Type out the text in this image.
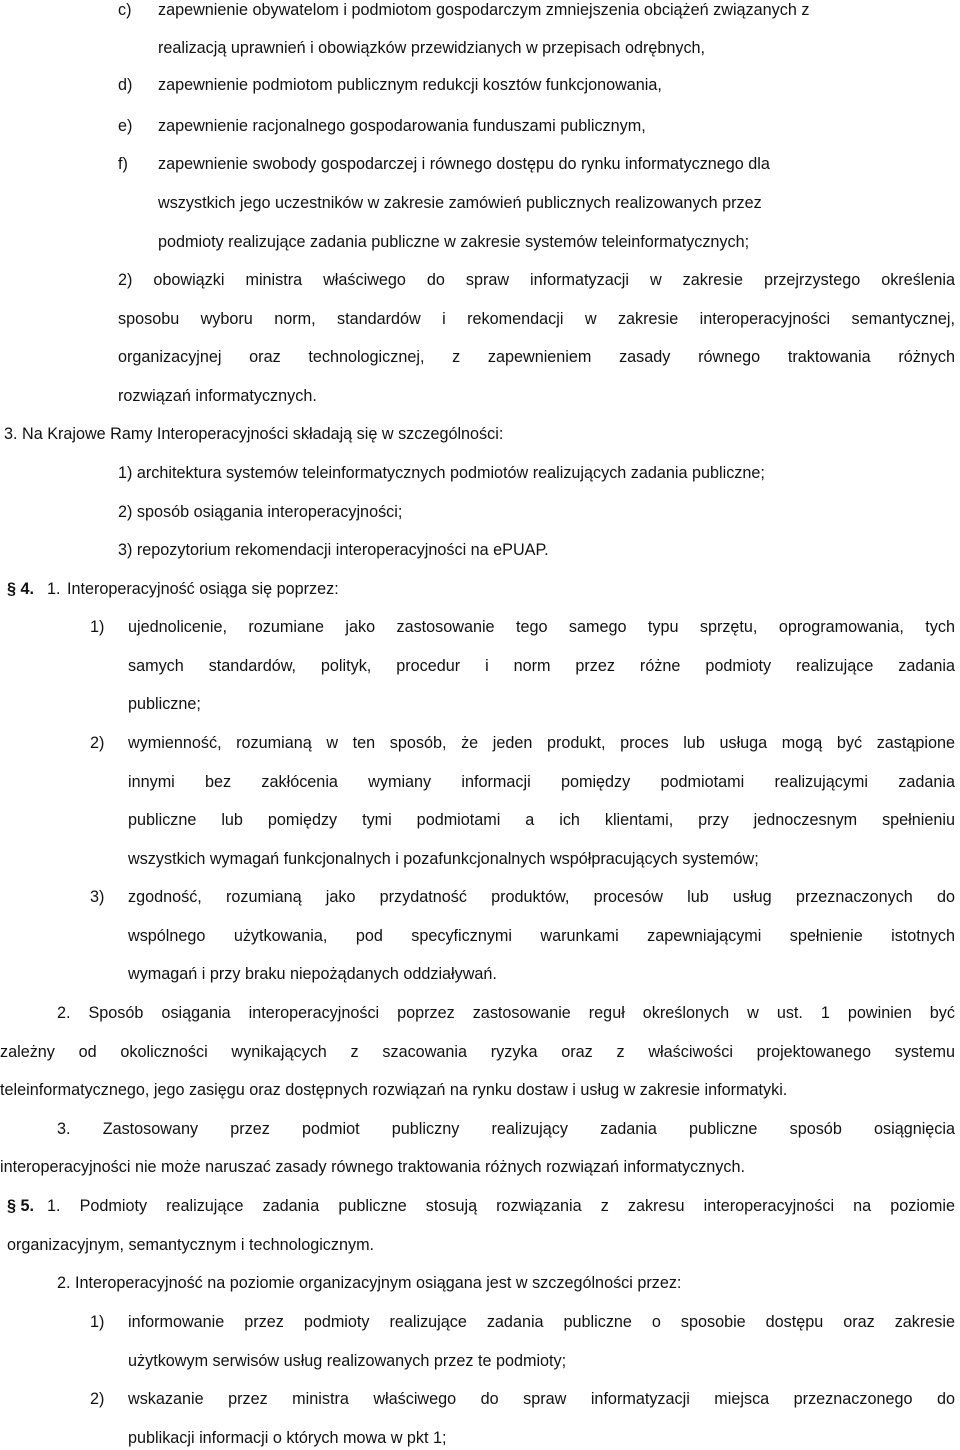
c) zapewnienie obywatelom i podmiotom gospodarczym zmniejszenia obciążeń związanych z
realizacją uprawnień i obowiązków przewidzianych w przepisach odrębnych,
d) zapewnienie podmiotom publicznym redukcji kosztów funkcjonowania,
e) zapewnienie racjonalnego gospodarowania funduszami publicznym,
f) zapewnienie swobody gospodarczej i równego dostępu do rynku informatycznego dla
wszystkich jego uczestników w zakresie zamówień publicznych realizowanych przez
podmioty realizujące zadania publiczne w zakresie systemów teleinformatycznych;
2) obowiązki ministra właściwego do spraw informatyzacji w zakresie przejrzystego określenia
sposobu wyboru norm, standardów i rekomendacji w zakresie interoperacyjności semantycznej,
organizacyjnej oraz technologicznej, z zapewnieniem zasady równego traktowania różnych
rozwiązań informatycznych.
3. Na Krajowe Ramy Interoperacyjności składają się w szczególności:
1) architektura systemów teleinformatycznych podmiotów realizujących zadania publiczne;
2) sposób osiągania interoperacyjności;
3) repozytorium rekomendacji interoperacyjności na ePUAP.
§ 4. 1. Interoperacyjność osiąga się poprzez:
1) ujednolicenie, rozumiane jako zastosowanie tego samego typu sprzętu, oprogramowania, tych
samych standardów, polityk, procedur i norm przez różne podmioty realizujące zadania
publiczne;
2) wymienność, rozumianą w ten sposób, że jeden produkt, proces lub usługa mogą być zastąpione
innymi bez zakłócenia wymiany informacji pomiędzy podmiotami realizującymi zadania
publiczne lub pomiędzy tymi podmiotami a ich klientami, przy jednoczesnym spełnieniu
wszystkich wymagań funkcjonalnych i pozafunkcjonalnych współpracujących systemów;
3) zgodność, rozumianą jako przydatność produktów, procesów lub usług przeznaczonych do
wspólnego użytkowania, pod specyficznymi warunkami zapewniającymi spełnienie istotnych
wymagań i przy braku niepożądanych oddziaływań.
2. Sposób osiągania interoperacyjności poprzez zastosowanie reguł określonych w ust. 1 powinien być
zależny od okoliczności wynikających z szacowania ryzyka oraz z właściwości projektowanego systemu
teleinformatycznego, jego zasięgu oraz dostępnych rozwiązań na rynku dostaw i usług w zakresie informatyki.
3. Zastosowany przez podmiot publiczny realizujący zadania publiczne sposób osiągnięcia
interoperacyjności nie może naruszać zasady równego traktowania różnych rozwiązań informatycznych.
§ 5. 1. Podmioty realizujące zadania publiczne stosują rozwiązania z zakresu interoperacyjności na poziomie
organizacyjnym, semantycznym i technologicznym.
2. Interoperacyjność na poziomie organizacyjnym osiągana jest w szczególności przez:
1) informowanie przez podmioty realizujące zadania publiczne o sposobie dostępu oraz zakresie
użytkowym serwisów usług realizowanych przez te podmioty;
2) wskazanie przez ministra właściwego do spraw informatyzacji miejsca przeznaczonego do
publikacji informacji o których mowa w pkt 1;
